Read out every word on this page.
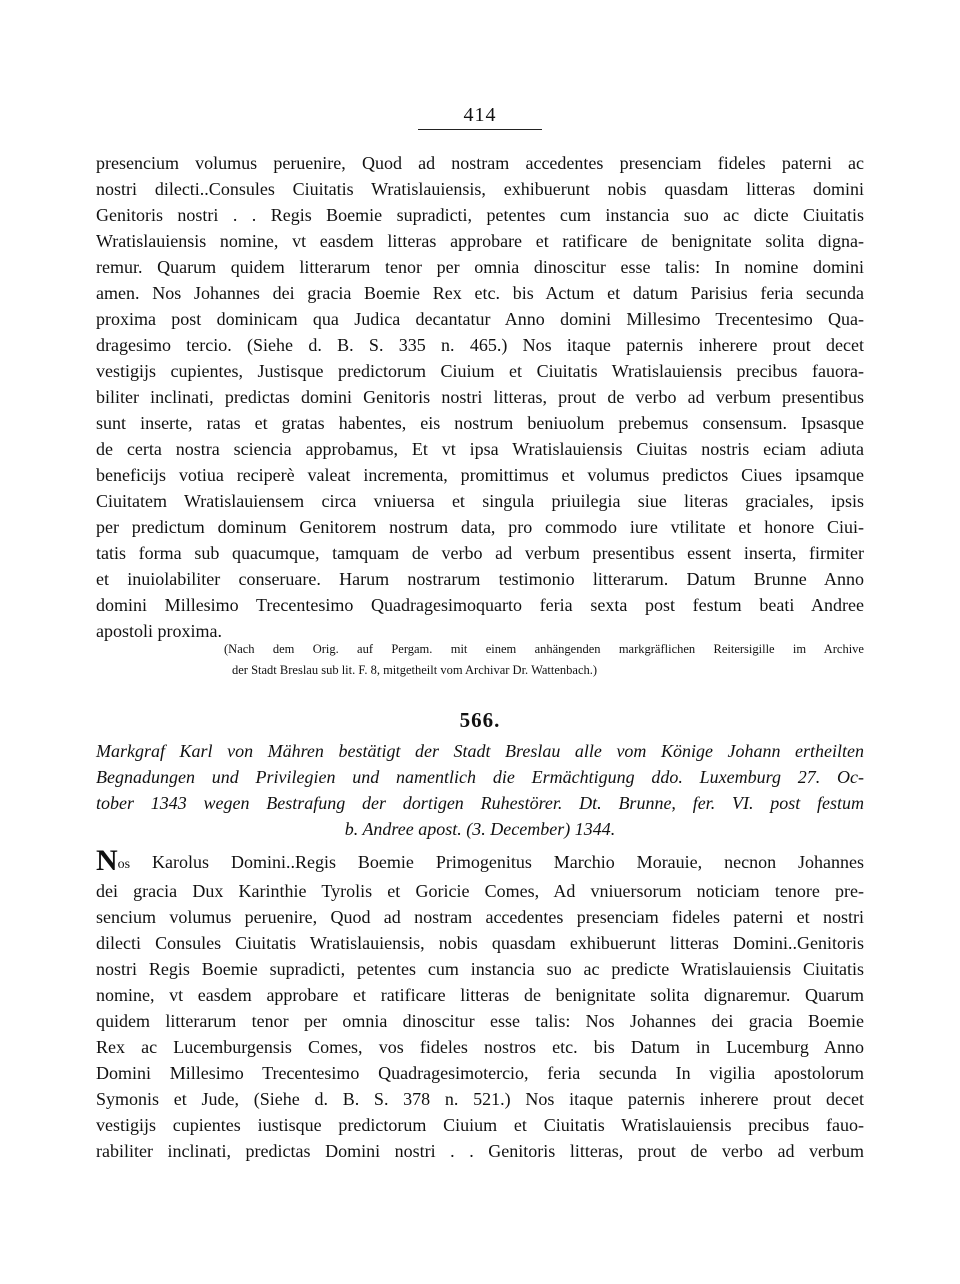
414
presencium volumus peruenire, Quod ad nostram accedentes presenciam fideles paterni ac
nostri dilecti..Consules Ciuitatis Wratislauiensis, exhibuerunt nobis quasdam litteras domini
Genitoris nostri . . Regis Boemie supradicti, petentes cum instancia suo ac dicte Ciuitatis
Wratislauiensis nomine, vt easdem litteras approbare et ratificare de benignitate solita digna-
remur. Quarum quidem litterarum tenor per omnia dinoscitur esse talis: In nomine domini
amen. Nos Johannes dei gracia Boemie Rex etc. bis Actum et datum Parisius feria secunda
proxima post dominicam qua Judica decantatur Anno domini Millesimo Trecentesimo Qua-
dragesimo tercio. (Siehe d. B. S. 335 n. 465.) Nos itaque paternis inherere prout decet
vestigijs cupientes, Justisque predictorum Ciuium et Ciuitatis Wratislauiensis precibus fauora-
biliter inclinati, predictas domini Genitoris nostri litteras, prout de verbo ad verbum presentibus
sunt inserte, ratas et gratas habentes, eis nostrum beniuolum prebemus consensum. Ipsasque
de certa nostra sciencia approbamus, Et vt ipsa Wratislauiensis Ciuitas nostris eciam adiuta
beneficijs votiua reciperè valeat incrementa, promittimus et volumus predictos Ciues ipsamque
Ciuitatem Wratislauiensem circa vniuersa et singula priuilegia siue literas graciales, ipsis
per predictum dominum Genitorem nostrum data, pro commodo iure vtilitate et honore Ciui-
tatis forma sub quacumque, tamquam de verbo ad verbum presentibus essent inserta, firmiter
et inuiolabiliter conseruare. Harum nostrarum testimonio litterarum. Datum Brunne Anno
domini Millesimo Trecentesimo Quadragesimoquarto feria sexta post festum beati Andree
apostoli proxima.
(Nach dem Orig. auf Pergam. mit einem anhängenden markgräflichen Reitersigille im Archive
der Stadt Breslau sub lit. F. 8, mitgetheilt vom Archivar Dr. Wattenbach.)
566.
Markgraf Karl von Mähren bestätigt der Stadt Breslau alle vom Könige Johann ertheilten
Begnadungen und Privilegien und namentlich die Ermächtigung ddo. Luxemburg 27. Oc-
tober 1343 wegen Bestrafung der dortigen Ruhestörer. Dt. Brunne, fer. VI. post festum
b. Andree apost. (3. December) 1344.
Nos Karolus Domini..Regis Boemie Primogenitus Marchio Morauie, necnon Johannes
dei gracia Dux Karinthie Tyrolis et Goricie Comes, Ad vniuersorum noticiam tenore pre-
sencium volumus peruenire, Quod ad nostram accedentes presenciam fideles paterni et nostri
dilecti Consules Ciuitatis Wratislauiensis, nobis quasdam exhibuerunt litteras Domini..Genitoris
nostri Regis Boemie supradicti, petentes cum instancia suo ac predicte Wratislauiensis Ciuitatis
nomine, vt easdem approbare et ratificare litteras de benignitate solita dignaremur. Quarum
quidem litterarum tenor per omnia dinoscitur esse talis: Nos Johannes dei gracia Boemie
Rex ac Lucemburgensis Comes, vos fideles nostros etc. bis Datum in Lucemburg Anno
Domini Millesimo Trecentesimo Quadragesimotercio, feria secunda In vigilia apostolorum
Symonis et Jude, (Siehe d. B. S. 378 n. 521.) Nos itaque paternis inherere prout decet
vestigijs cupientes iustisque predictorum Ciuium et Ciuitatis Wratislauiensis precibus fauo-
rabiliter inclinati, predictas Domini nostri . . Genitoris litteras, prout de verbo ad verbum
